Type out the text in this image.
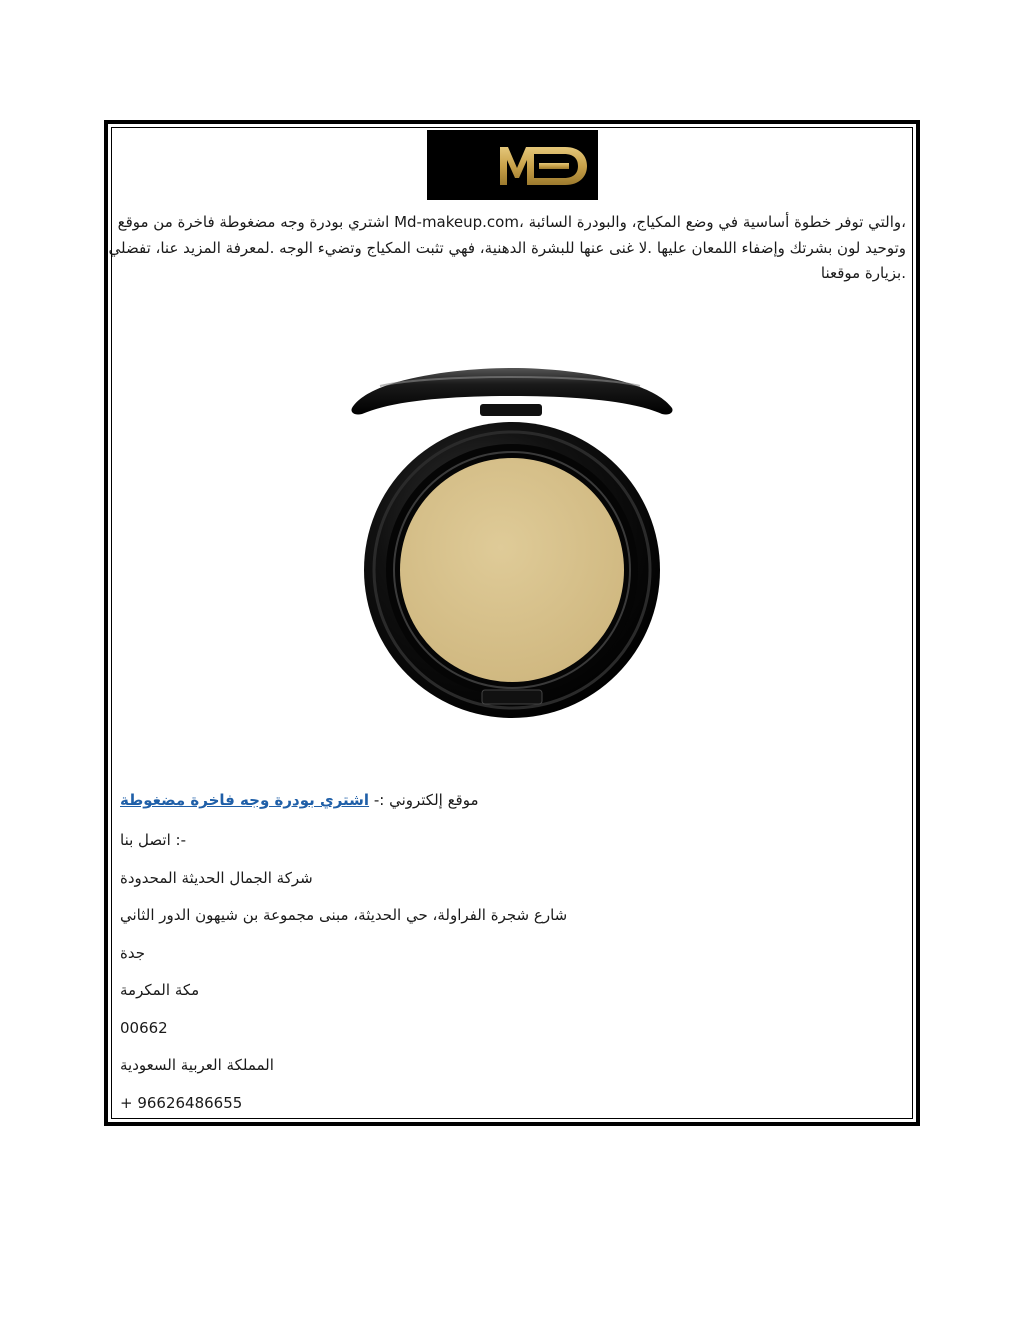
،والتي توفر خطوة أساسية في وضع المكياج، والبودرة السائبة ،Md-makeup.com اشتري بودرة وجه مضغوطة فاخرة من موقع
وتوحيد لون بشرتك وإضفاء اللمعان عليها .لا غنى عنها للبشرة الدهنية، فهي تثبت المكياج وتضيء الوجه .لمعرفة المزيد عنا، تفضلي
.بزيارة موقعنا
موقع إلكتروني :- اشتري بودرة وجه فاخرة مضغوطة
-: اتصل بنا
شركة الجمال الحديثة المحدودة
شارع شجرة الفراولة، حي الحديثة، مبنى مجموعة بن شيهون الدور الثاني
جدة
مكة المكرمة
00662
المملكة العربية السعودية
+ 96626486655
